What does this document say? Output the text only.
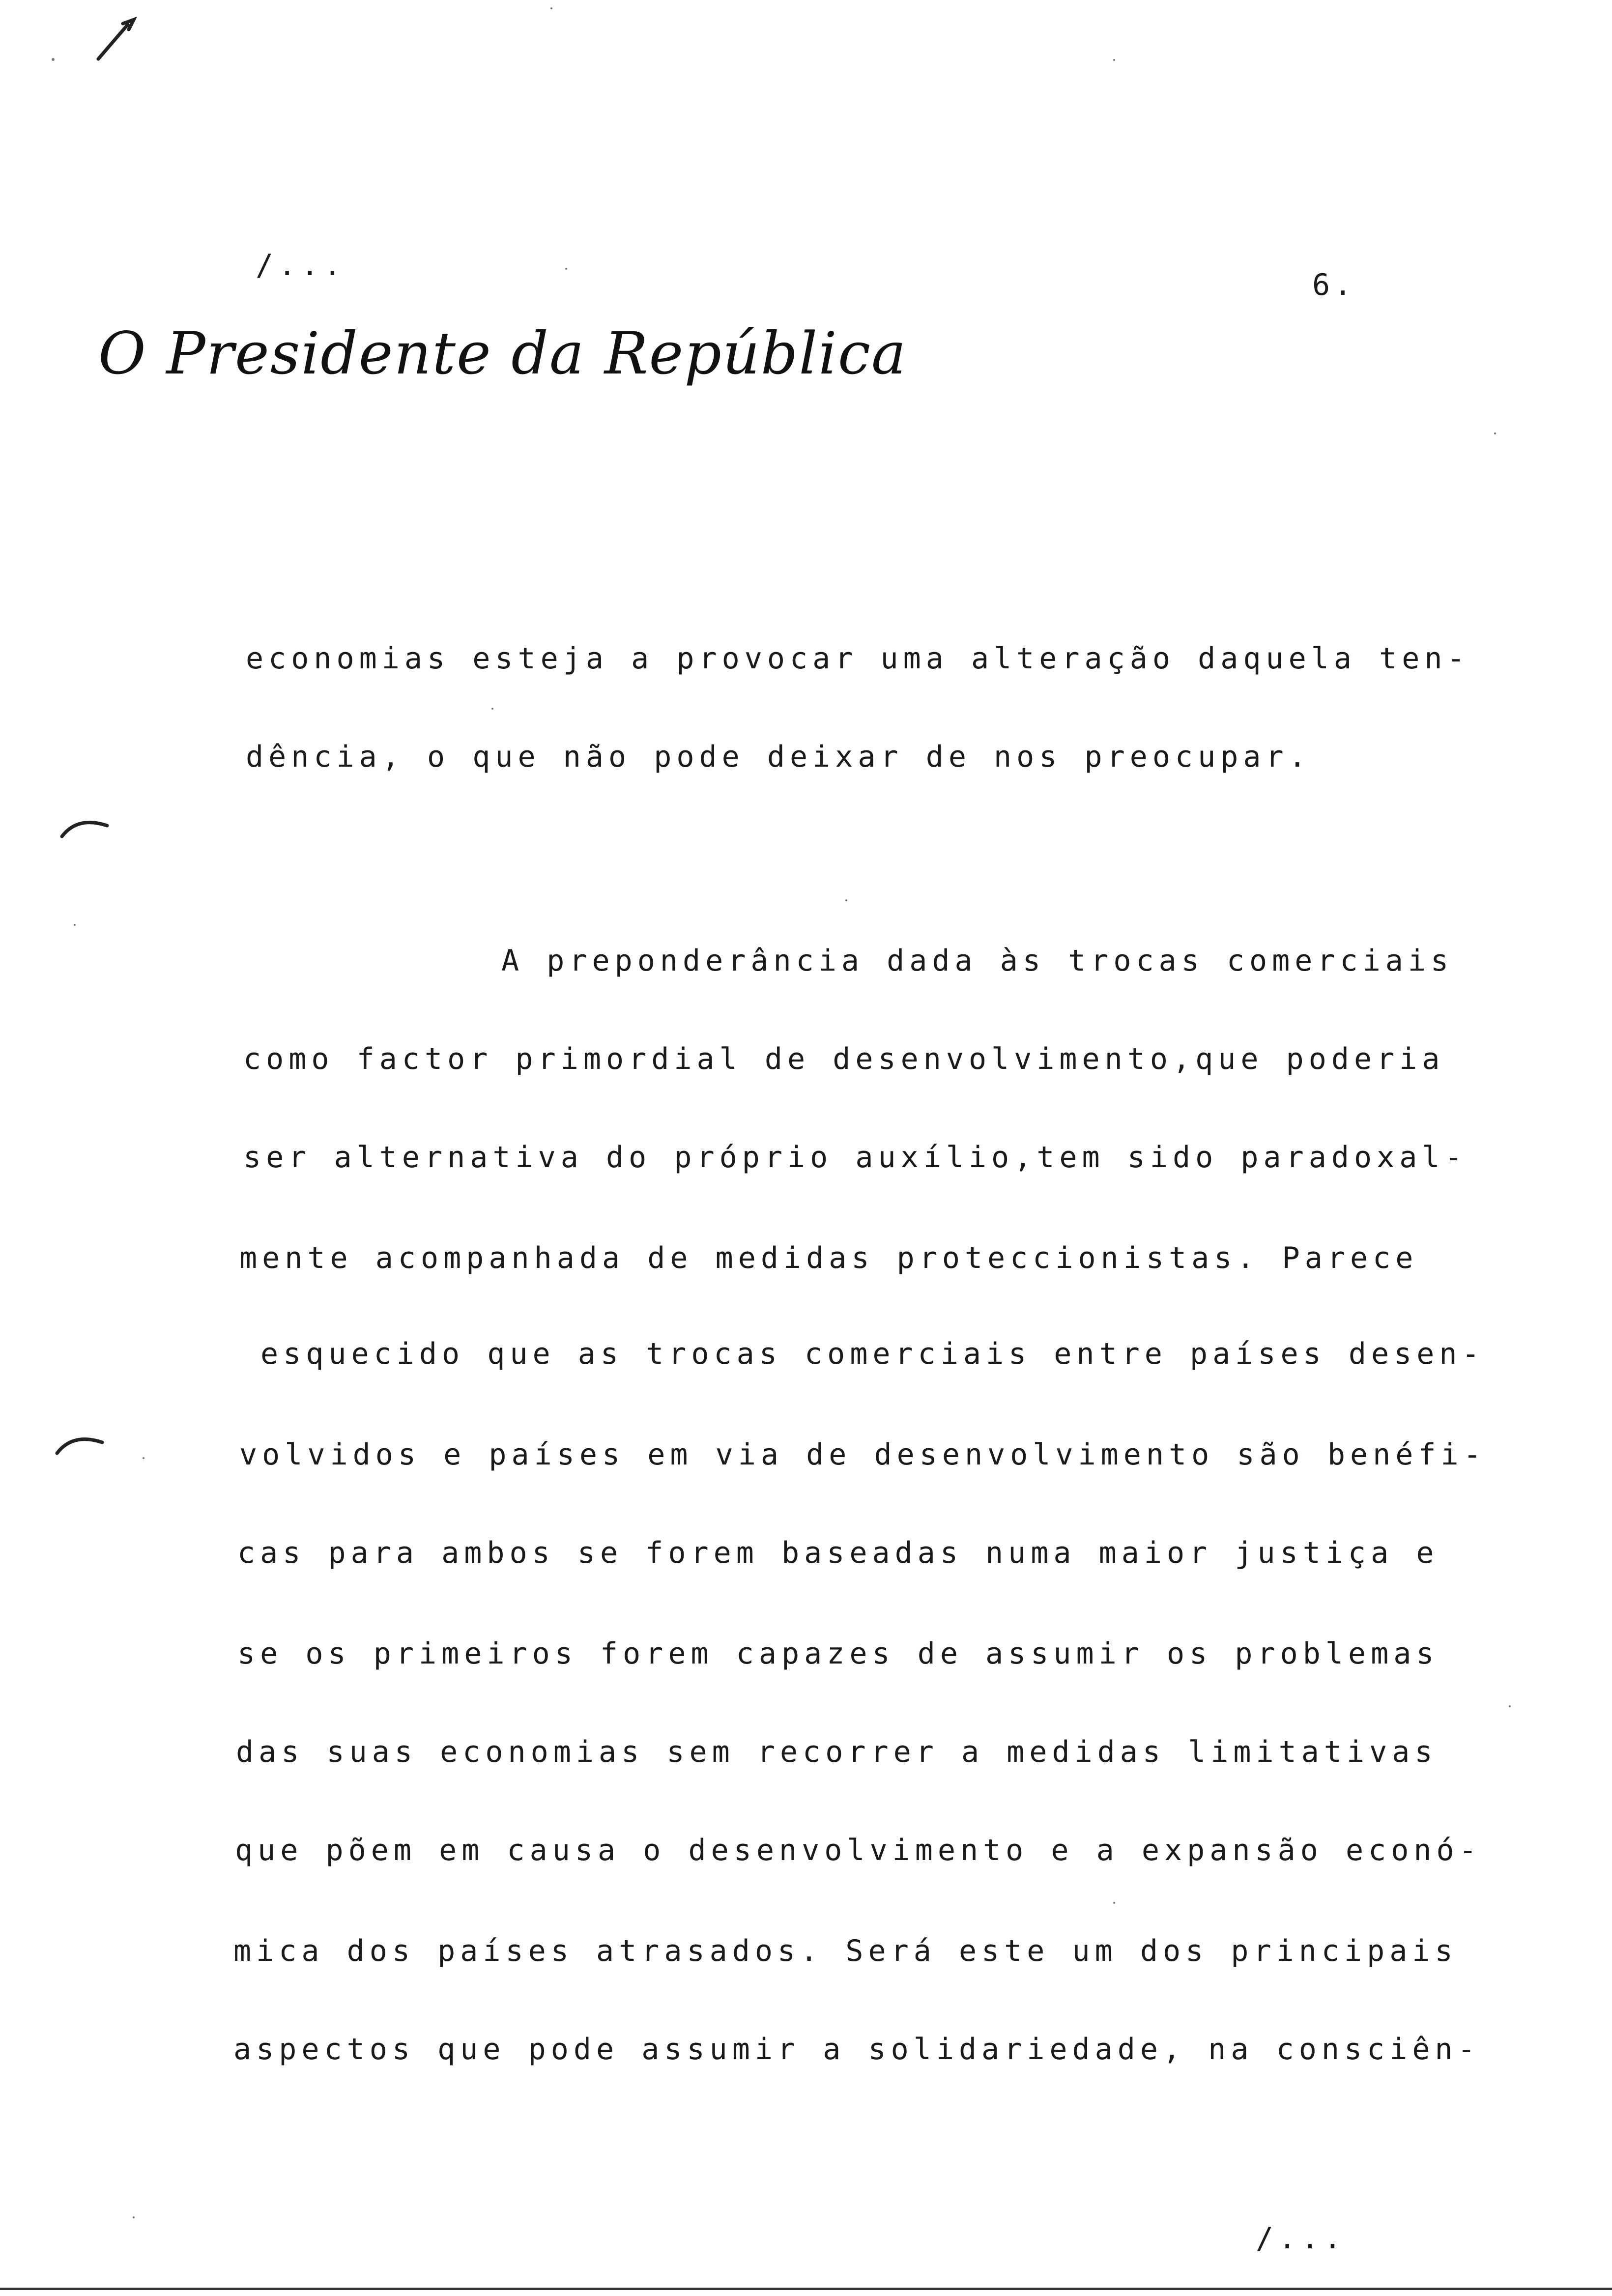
/...
6.
O Presidente da República
economias esteja a provocar uma alteração daquela ten-
dência, o que não pode deixar de nos preocupar.
A preponderância dada às trocas comerciais
como factor primordial de desenvolvimento,que poderia
ser alternativa do próprio auxílio,tem sido paradoxal-
mente acompanhada de medidas proteccionistas. Parece
esquecido que as trocas comerciais entre países desen-
volvidos e países em via de desenvolvimento são benéfi-
cas para ambos se forem baseadas numa maior justiça e
se os primeiros forem capazes de assumir os problemas
das suas economias sem recorrer a medidas limitativas
que põem em causa o desenvolvimento e a expansão econó-
mica dos países atrasados. Será este um dos principais
aspectos que pode assumir a solidariedade, na consciên-
/...
